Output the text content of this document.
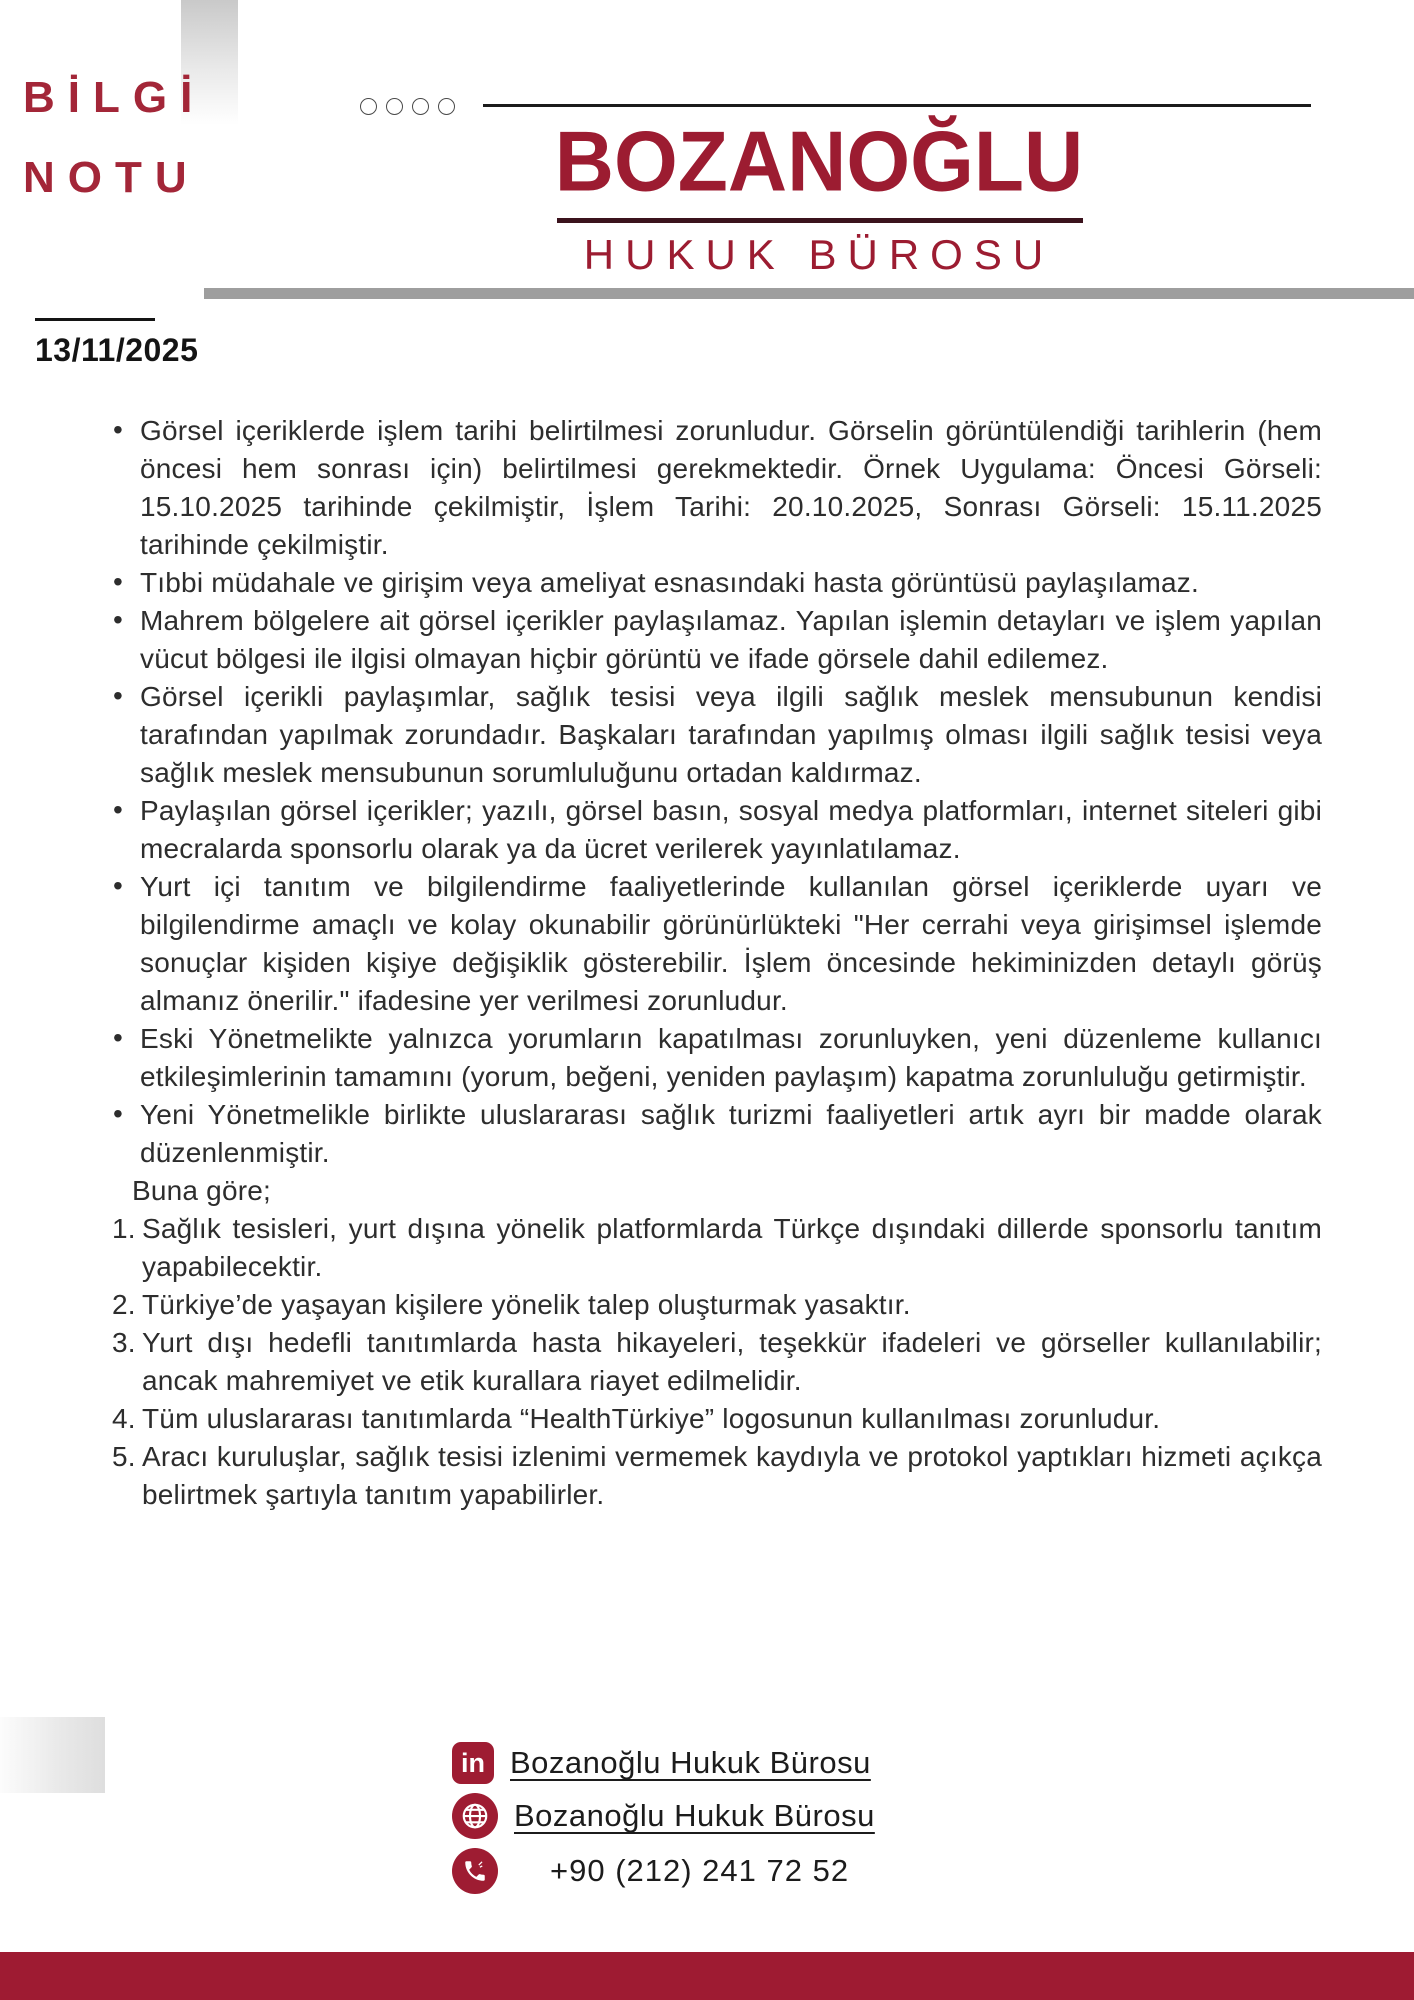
BİLGİ
NOTU	BOZANOĞLU
HUKUK BÜROSU
13/11/2025
• Görsel içeriklerde işlem tarihi belirtilmesi zorunludur. Görselin görüntülendiği tarihlerin (hem öncesi hem sonrası için) belirtilmesi gerekmektedir. Örnek Uygulama: Öncesi Görseli: 15.10.2025 tarihinde çekilmiştir, İşlem Tarihi: 20.10.2025, Sonrası Görseli: 15.11.2025 tarihinde çekilmiştir.
• Tıbbi müdahale ve girişim veya ameliyat esnasındaki hasta görüntüsü paylaşılamaz.
• Mahrem bölgelere ait görsel içerikler paylaşılamaz. Yapılan işlemin detayları ve işlem yapılan vücut bölgesi ile ilgisi olmayan hiçbir görüntü ve ifade görsele dahil edilemez.
• Görsel içerikli paylaşımlar, sağlık tesisi veya ilgili sağlık meslek mensubunun kendisi tarafından yapılmak zorundadır. Başkaları tarafından yapılmış olması ilgili sağlık tesisi veya sağlık meslek mensubunun sorumluluğunu ortadan kaldırmaz.
• Paylaşılan görsel içerikler; yazılı, görsel basın, sosyal medya platformları, internet siteleri gibi mecralarda sponsorlu olarak ya da ücret verilerek yayınlatılamaz.
• Yurt içi tanıtım ve bilgilendirme faaliyetlerinde kullanılan görsel içeriklerde uyarı ve bilgilendirme amaçlı ve kolay okunabilir görünürlükteki "Her cerrahi veya girişimsel işlemde sonuçlar kişiden kişiye değişiklik gösterebilir. İşlem öncesinde hekiminizden detaylı görüş almanız önerilir." ifadesine yer verilmesi zorunludur.
• Eski Yönetmelikte yalnızca yorumların kapatılması zorunluyken, yeni düzenleme kullanıcı etkileşimlerinin tamamını (yorum, beğeni, yeniden paylaşım) kapatma zorunluluğu getirmiştir.
• Yeni Yönetmelikle birlikte uluslararası sağlık turizmi faaliyetleri artık ayrı bir madde olarak düzenlenmiştir.
Buna göre;
1. Sağlık tesisleri, yurt dışına yönelik platformlarda Türkçe dışındaki dillerde sponsorlu tanıtım yapabilecektir.
2. Türkiye’de yaşayan kişilere yönelik talep oluşturmak yasaktır.
3. Yurt dışı hedefli tanıtımlarda hasta hikayeleri, teşekkür ifadeleri ve görseller kullanılabilir; ancak mahremiyet ve etik kurallara riayet edilmelidir.
4. Tüm uluslararası tanıtımlarda “HealthTürkiye” logosunun kullanılması zorunludur.
5. Aracı kuruluşlar, sağlık tesisi izlenimi vermemek kaydıyla ve protokol yaptıkları hizmeti açıkça belirtmek şartıyla tanıtım yapabilirler.
in Bozanoğlu Hukuk Bürosu
Bozanoğlu Hukuk Bürosu
+90 (212) 241 72 52
